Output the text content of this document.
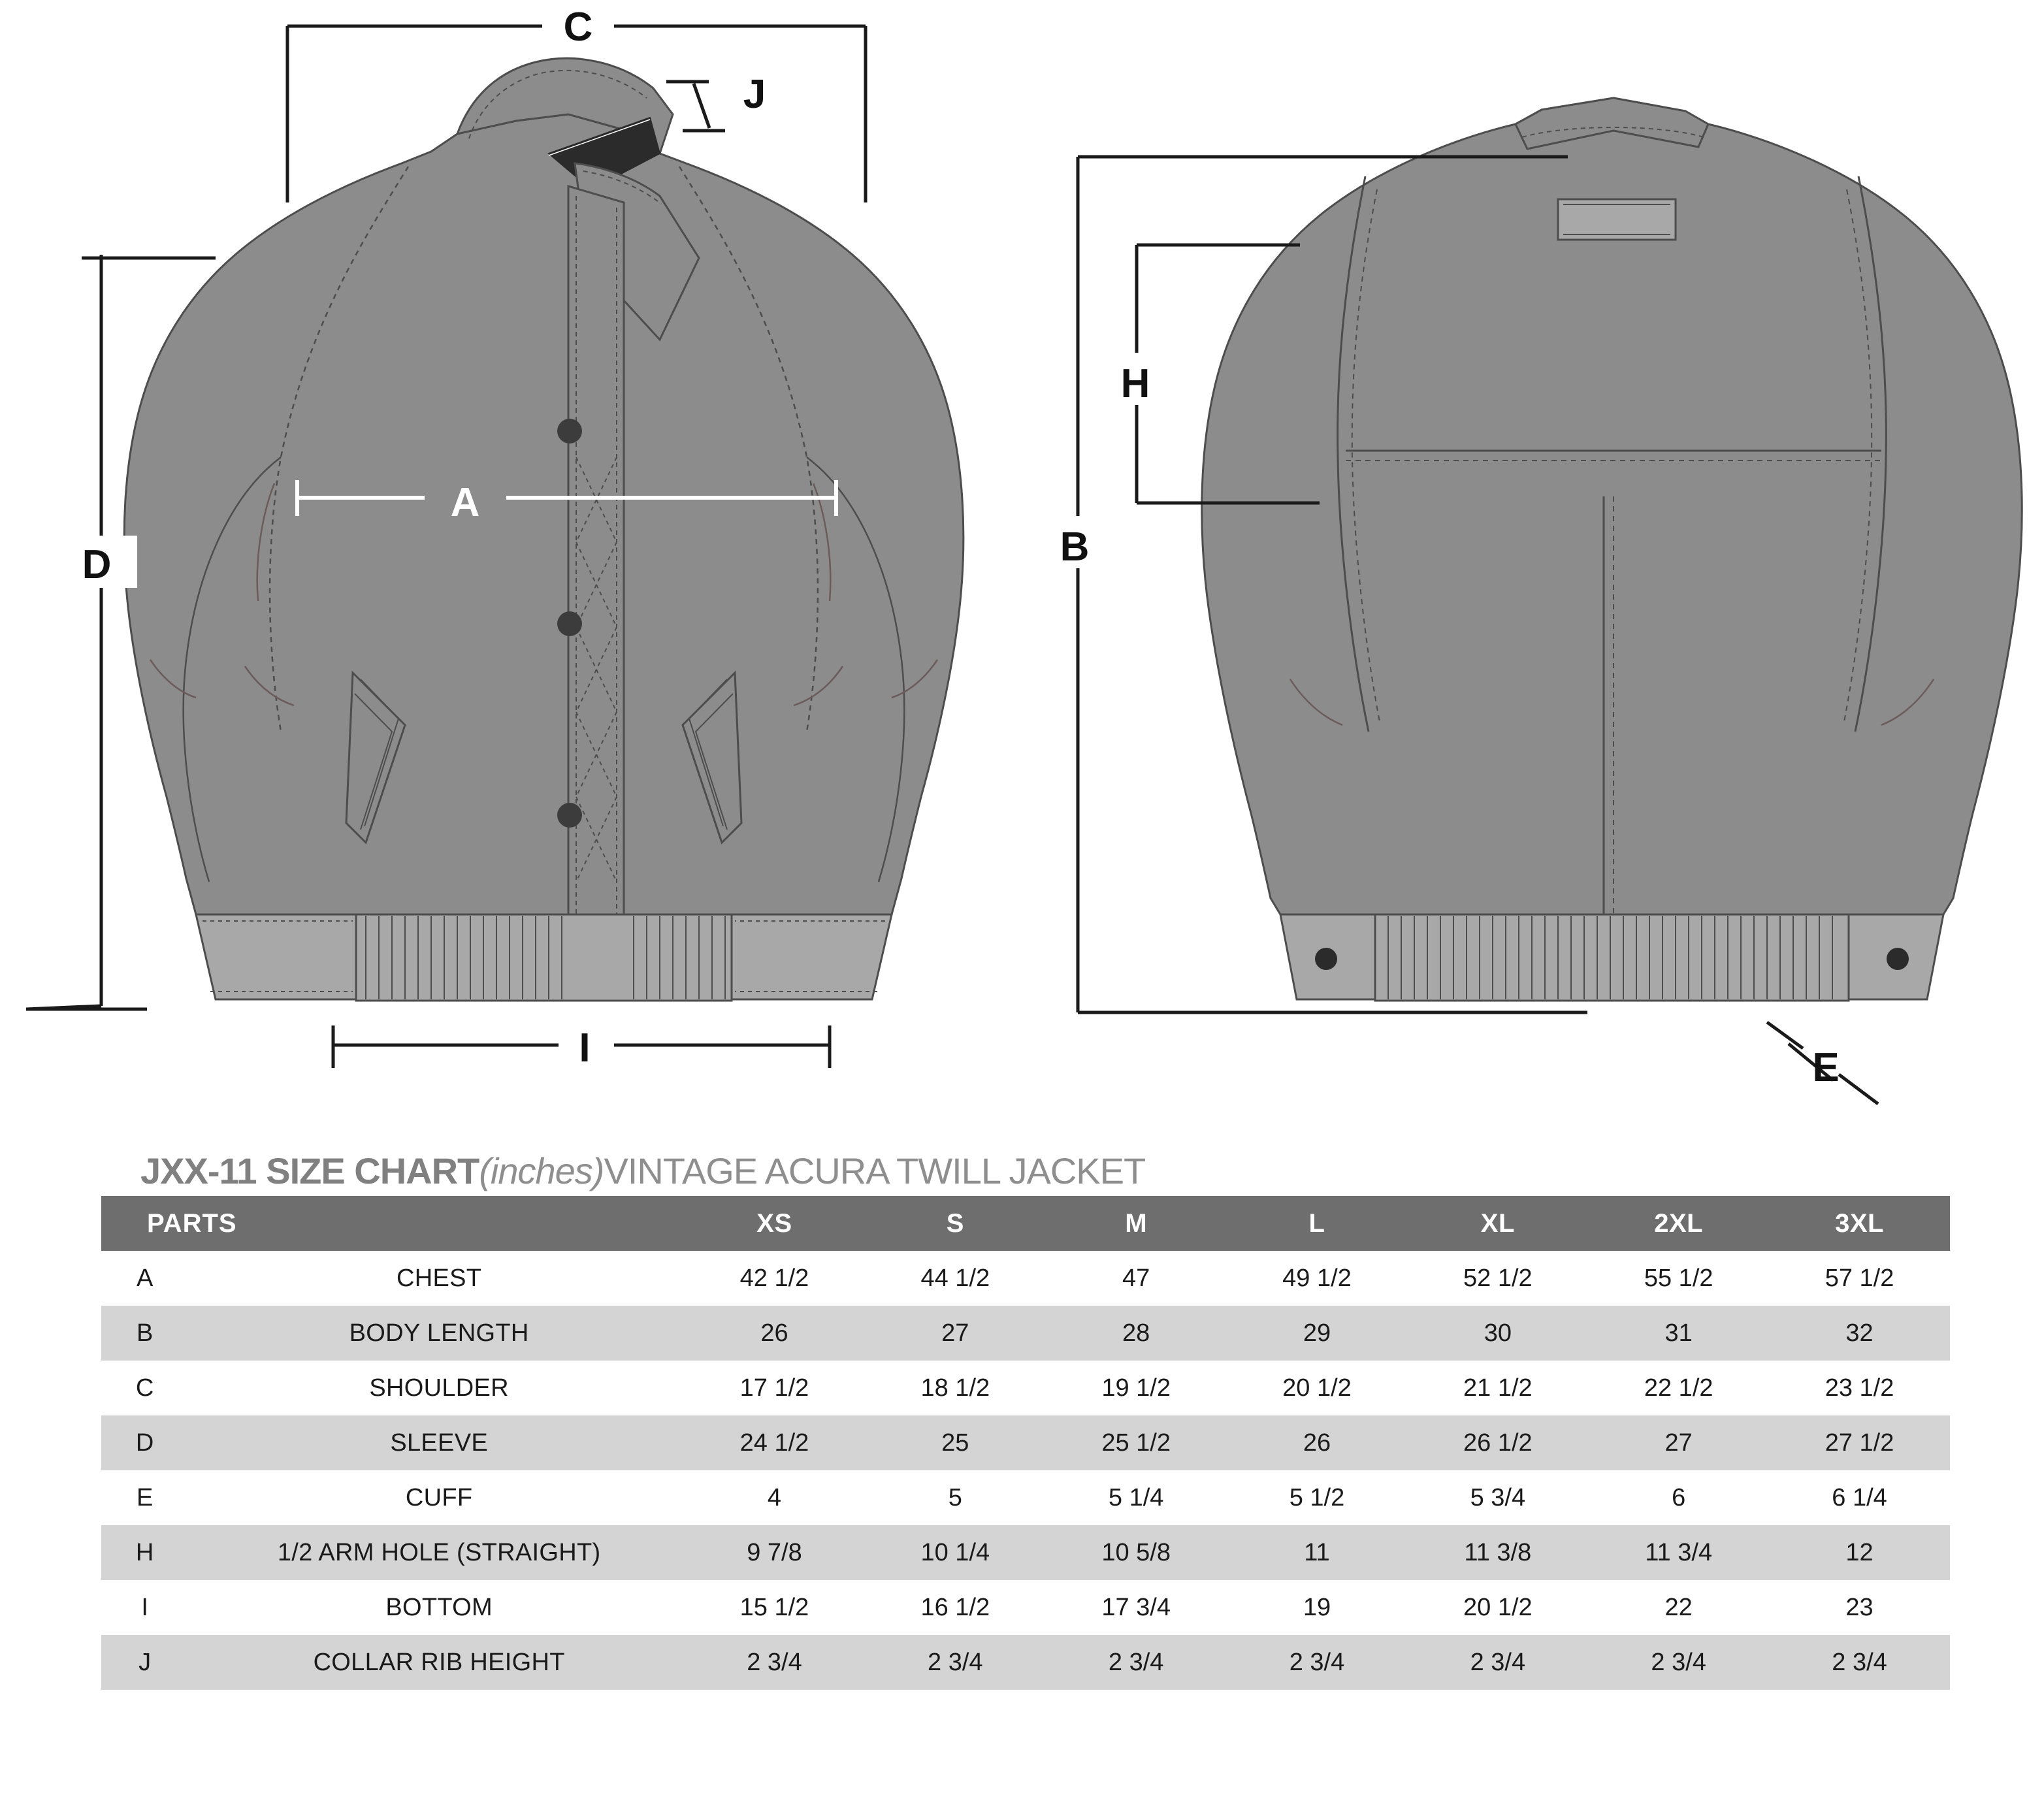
C
J
D
A
I
B
H
E
JXX-11 SIZE CHART(inches)VINTAGE ACURA TWILL JACKET
PARTS		XS	S	M	L	XL	2XL	3XL
A	CHEST	42 1/2	44 1/2	47	49 1/2	52 1/2	55 1/2	57 1/2
B	BODY LENGTH	26	27	28	29	30	31	32
C	SHOULDER	17 1/2	18 1/2	19 1/2	20 1/2	21 1/2	22 1/2	23 1/2
D	SLEEVE	24 1/2	25	25 1/2	26	26 1/2	27	27 1/2
E	CUFF	4	5	5 1/4	5 1/2	5 3/4	6	6 1/4
H	1/2 ARM HOLE (STRAIGHT)	9 7/8	10 1/4	10 5/8	11	11 3/8	11 3/4	12
I	BOTTOM	15 1/2	16 1/2	17 3/4	19	20 1/2	22	23
J	COLLAR RIB HEIGHT	2 3/4	2 3/4	2 3/4	2 3/4	2 3/4	2 3/4	2 3/4
